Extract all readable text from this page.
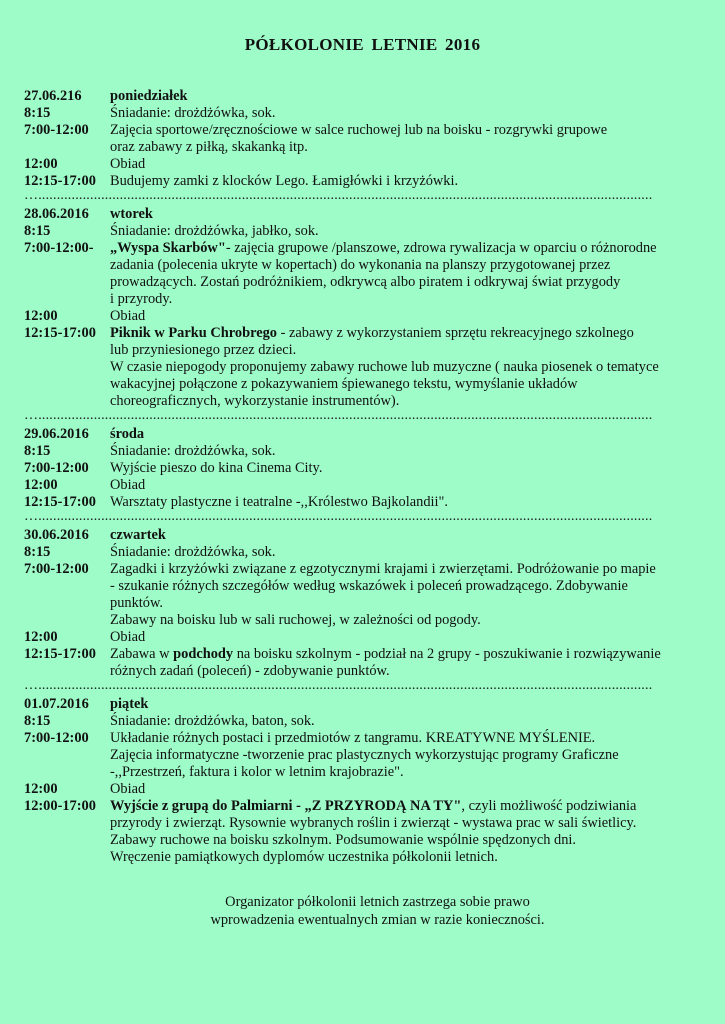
PÓŁKOLONIE LETNIE 2016
27.06.216	poniedziałek
8:15	Śniadanie: drożdżówka, sok.

7:00-12:00	Zajęcia sportowe/zręcznościowe w salce ruchowej lub na boisku - rozgrywki grupowe

oraz zabawy z piłką, skakanką itp.

12:00	Obiad

12:15-17:00 Budujemy zamki z klocków Lego. Łamigłówki i krzyżówki.

…......................................................................................................................................................................
28.06.2016	wtorek
8:15	Śniadanie: drożdżówka, jabłko, sok.

7:00-12:00-	„Wyspa Skarbów"- zajęcia grupowe /planszowe, zdrowa rywalizacja w oparciu o różnorodne

zadania (polecenia ukryte w kopertach) do wykonania na planszy przygotowanej przez

prowadzących. Zostań podróżnikiem, odkrywcą albo piratem i odkrywaj świat przygody

i przyrody.

12:00	Obiad

12:15-17:00 Piknik w Parku Chrobrego - zabawy z wykorzystaniem sprzętu rekreacyjnego szkolnego

lub przyniesionego przez dzieci.

W czasie niepogody proponujemy zabawy ruchowe lub muzyczne ( nauka piosenek o tematyce

wakacyjnej połączone z pokazywaniem śpiewanego tekstu, wymyślanie układów

choreograficznych, wykorzystanie instrumentów).

…......................................................................................................................................................................
29.06.2016	środa
8:15	Śniadanie: drożdżówka, sok.

7:00-12:00	Wyjście pieszo do kina Cinema City.

12:00	Obiad

12:15-17:00 Warsztaty plastyczne i teatralne -,,Królestwo Bajkolandii".

…......................................................................................................................................................................
30.06.2016	czwartek
8:15	Śniadanie: drożdżówka, sok.

7:00-12:00	Zagadki i krzyżówki związane z egzotycznymi krajami i zwierzętami. Podróżowanie po mapie

- szukanie różnych szczegółów według wskazówek i poleceń prowadzącego. Zdobywanie

punktów.

Zabawy na boisku lub w sali ruchowej, w zależności od pogody.

12:00	Obiad

12:15-17:00 Zabawa w podchody na boisku szkolnym - podział na 2 grupy - poszukiwanie i rozwiązywanie

różnych zadań (poleceń) - zdobywanie punktów.

…......................................................................................................................................................................
01.07.2016	piątek
8:15	Śniadanie: drożdżówka, baton, sok.

7:00-12:00	Układanie różnych postaci i przedmiotów z tangramu. KREATYWNE MYŚLENIE.

Zajęcia informatyczne -tworzenie prac plastycznych wykorzystując programy Graficzne

-,,Przestrzeń, faktura i kolor w letnim krajobrazie".

12:00	Obiad

12:00-17:00 Wyjście z grupą do Palmiarni - „Z PRZYRODĄ NA TY", czyli możliwość podziwiania

przyrody i zwierząt. Rysownie wybranych roślin i zwierząt - wystawa prac w sali świetlicy.

Zabawy ruchowe na boisku szkolnym. Podsumowanie wspólnie spędzonych dni.

Wręczenie pamiątkowych dyplomów uczestnika półkolonii letnich.

Organizator półkolonii letnich zastrzega sobie prawo

wprowadzenia ewentualnych zmian w razie konieczności.
